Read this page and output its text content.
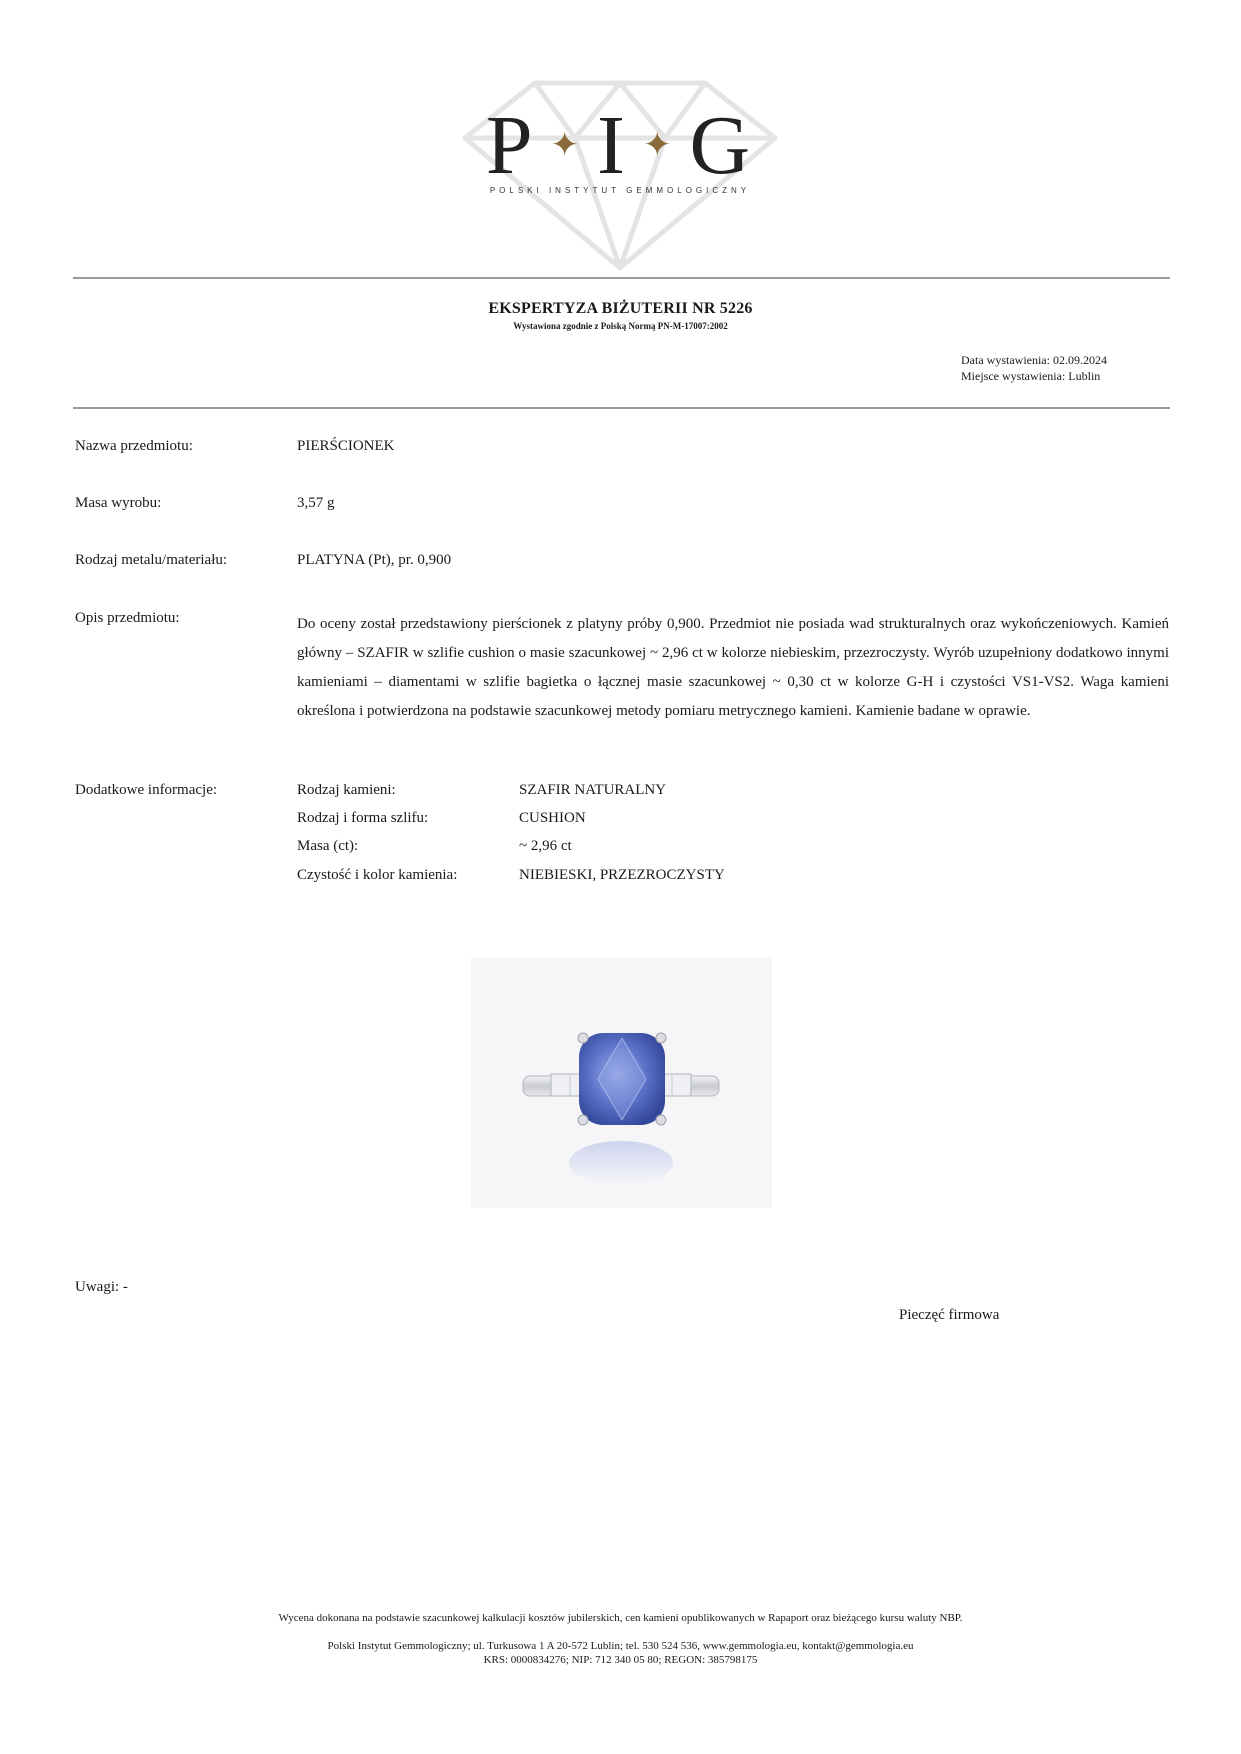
P ✦ I ✦ G
POLSKI INSTYTUT GEMMOLOGICZNY
EKSPERTYZA BIŻUTERII NR 5226
Wystawiona zgodnie z Polską Normą PN-M-17007:2002
Data wystawienia: 02.09.2024
Miejsce wystawienia: Lublin
Nazwa przedmiotu:	PIERŚCIONEK
Masa wyrobu:	3,57 g
Rodzaj metalu/materiału:	PLATYNA (Pt), pr. 0,900
Opis przedmiotu:	Do oceny został przedstawiony pierścionek z platyny próby 0,900. Przedmiot nie posiada wad strukturalnych oraz wykończeniowych. Kamień główny – SZAFIR w szlifie cushion o masie szacunkowej ~ 2,96 ct w kolorze niebieskim, przezroczysty. Wyrób uzupełniony dodatkowo innymi kamieniami – diamentami w szlifie bagietka o łącznej masie szacunkowej ~ 0,30 ct w kolorze G-H i czystości VS1-VS2. Waga kamieni określona i potwierdzona na podstawie szacunkowej metody pomiaru metrycznego kamieni. Kamienie badane w oprawie.
Dodatkowe informacje:	Rodzaj kamieni:	SZAFIR NATURALNY
Rodzaj i forma szlifu:	CUSHION
Masa (ct):	~ 2,96 ct
Czystość i kolor kamienia:	NIEBIESKI, PRZEZROCZYSTY
Uwagi: -
Pieczęć firmowa
Wycena dokonana na podstawie szacunkowej kalkulacji kosztów jubilerskich, cen kamieni opublikowanych w Rapaport oraz bieżącego kursu waluty NBP.
Polski Instytut Gemmologiczny; ul. Turkusowa 1 A 20-572 Lublin; tel. 530 524 536, www.gemmologia.eu, kontakt@gemmologia.eu
KRS: 0000834276; NIP: 712 340 05 80; REGON: 385798175
